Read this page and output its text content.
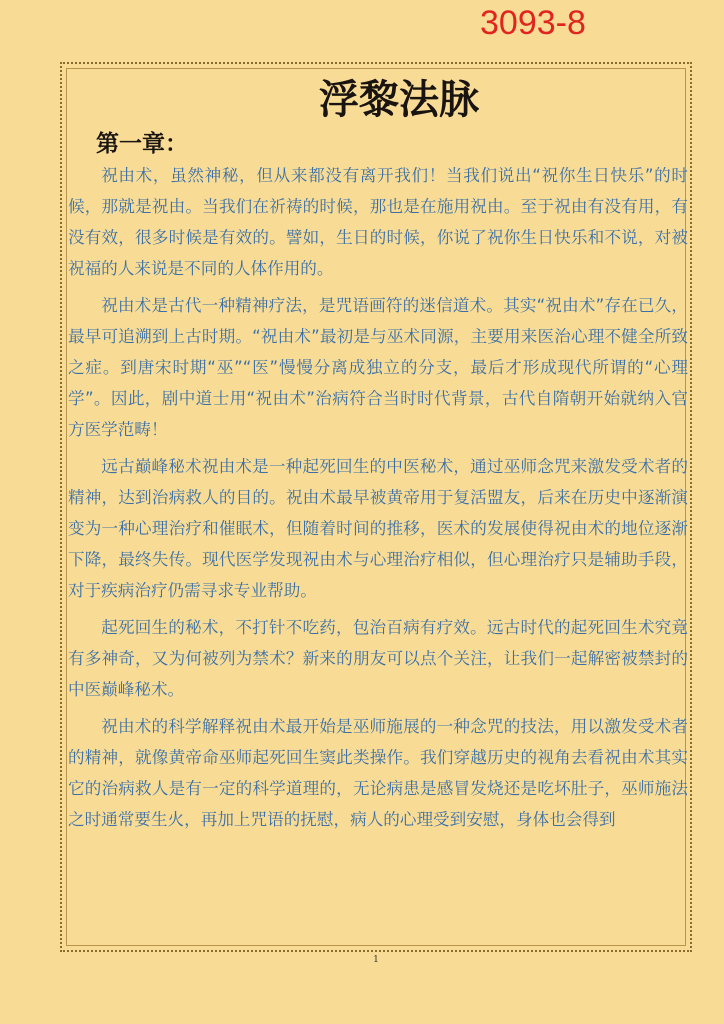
3093-8
浮黎法脉
第一章：

祝由术，虽然神秘，但从来都没有离开我们！当我们说出“祝你生日快乐”的时候，那就是祝由。当我们在祈祷的时候，那也是在施用祝由。至于祝由有没有用，有没有效，很多时候是有效的。譬如，生日的时候，你说了祝你生日快乐和不说，对被祝福的人来说是不同的人体作用的。

祝由术是古代一种精神疗法，是咒语画符的迷信道术。其实“祝由术”存在已久，最早可追溯到上古时期。“祝由术”最初是与巫术同源，主要用来医治心理不健全所致之症。到唐宋时期“巫”“医”慢慢分离成独立的分支，最后才形成现代所谓的“心理学”。因此，剧中道士用“祝由术”治病符合当时时代背景，古代自隋朝开始就纳入官方医学范畴！

远古巅峰秘术祝由术是一种起死回生的中医秘术，通过巫师念咒来激发受术者的精神，达到治病救人的目的。祝由术最早被黄帝用于复活盟友，后来在历史中逐渐演变为一种心理治疗和催眠术，但随着时间的推移，医术的发展使得祝由术的地位逐渐下降，最终失传。现代医学发现祝由术与心理治疗相似，但心理治疗只是辅助手段，对于疾病治疗仍需寻求专业帮助。

起死回生的秘术，不打针不吃药，包治百病有疗效。远古时代的起死回生术究竟有多神奇，又为何被列为禁术？新来的朋友可以点个关注，让我们一起解密被禁封的中医巅峰秘术。

祝由术的科学解释祝由术最开始是巫师施展的一种念咒的技法，用以激发受术者的精神，就像黄帝命巫师起死回生窦此类操作。我们穿越历史的视角去看祝由术其实它的治病救人是有一定的科学道理的，无论病患是感冒发烧还是吃坏肚子，巫师施法之时通常要生火，再加上咒语的抚慰，病人的心理受到安慰，身体也会得到

1
